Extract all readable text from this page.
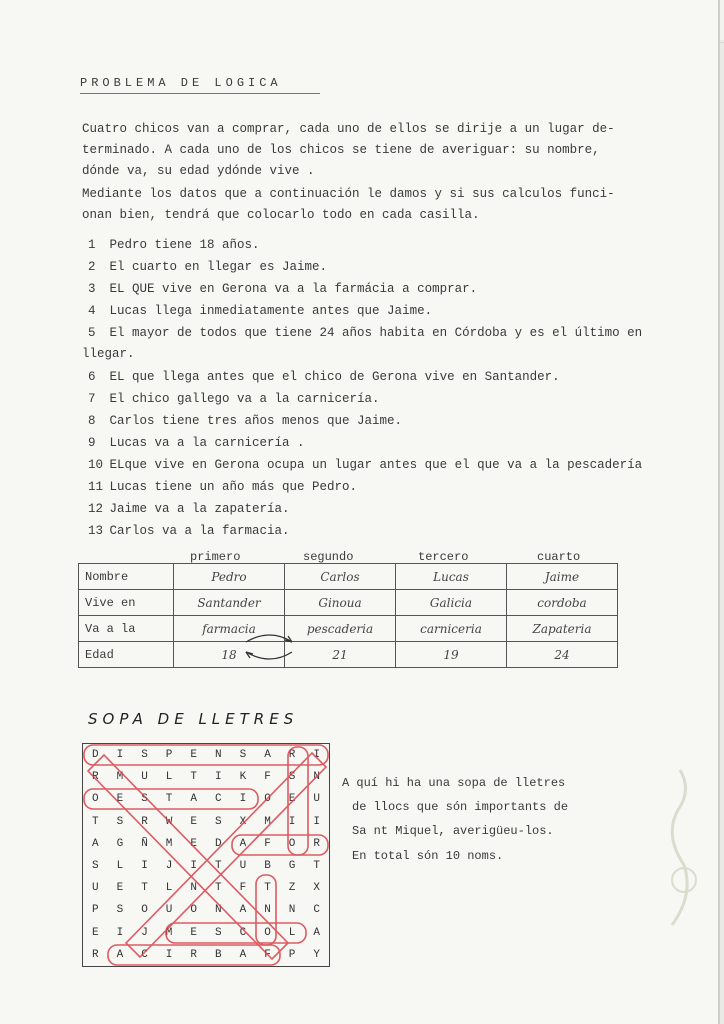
PROBLEMA DE LOGICA
Cuatro chicos van a comprar, cada uno de ellos se dirije a un lugar de-
terminado. A cada uno de los chicos se tiene de averiguar: su nombre,
dónde va, su edad ydónde vive .
Mediante los datos que a continuación le damos y si sus calculos funci-
onan bien, tendrá que colocarlo todo en cada casilla.
1 Pedro tiene 18 años.
2 El cuarto en llegar es Jaime.
3 EL QUE vive en Gerona va a la farmácia a comprar.
4 Lucas llega inmediatamente antes que Jaime.
5 El mayor de todos que tiene 24 años habita en Córdoba y es el último en
llegar.
6 EL que llega antes que el chico de Gerona vive en Santander.
7 El chico gallego va a la carnicería.
8 Carlos tiene tres años menos que Jaime.
9 Lucas va a la carnicería .
10 ELque vive en Gerona ocupa un lugar antes que el que va a la pescadería
11 Lucas tiene un año más que Pedro.
12 Jaime va a la zapatería.
13 Carlos va a la farmacia.
primero	segundo	tercero	cuarto
Nombre	Pedro	Carlos	Lucas	Jaime
Vive en	Santander	Ginoua	Galicia	cordoba
Va a la	farmacia	pescaderia	carniceria	Zapateria
Edad	18	21	19	24
SOPA DE LLETRES
D	I	S	P	E	N	S	A	R	I
R	M	U	L	T	I	K	F	S	N
O	E	S	T	A	C	I	O	E	U
T	S	R	W	E	S	X	M	I	I
A	G	Ñ	M	E	D	A	F	O	R
S	L	I	J	I	T	U	B	G	T
U	E	T	L	N	T	F	T	Z	X
P	S	O	U	O	N	A	N	N	C
E	I	J	M	E	S	C	O	L	A
R	A	C	I	R	B	A	F	P	Y
A quí hi ha una sopa de lletres
de llocs que són importants de
Sa nt Miquel, averigüeu-los.
En total són 10 noms.
